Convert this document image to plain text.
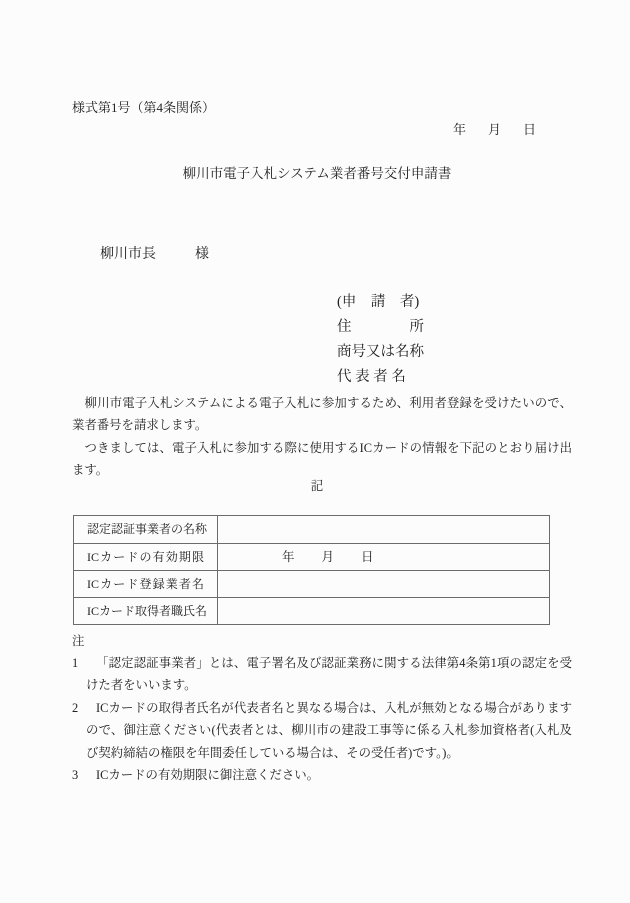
様式第1号（第4条関係）
年 月 日
柳川市電子入札システム業者番号交付申請書
柳川市長	様
(申　請　者)
住　　　　所
商号又は名称
代 表 者 名

　柳川市電子入札システムによる電子入札に参加するため、利用者登録を受けたいので、業者番号を請求します。

　つきましては、電子入札に参加する際に使用するICカードの情報を下記のとおり届け出ます。

記
認定認証事業者の名称
ICカードの有効期限	年 月 日
ICカード登録業者名
ICカード取得者職氏名
注
1 「認定認証事業者」とは、電子署名及び認証業務に関する法律第4条第1項の認定を受けた者をいいます。
2 ICカードの取得者氏名が代表者名と異なる場合は、入札が無効となる場合がありますので、御注意ください(代表者とは、柳川市の建設工事等に係る入札参加資格者(入札及び契約締結の権限を年間委任している場合は、その受任者)です。)。
3 ICカードの有効期限に御注意ください。
